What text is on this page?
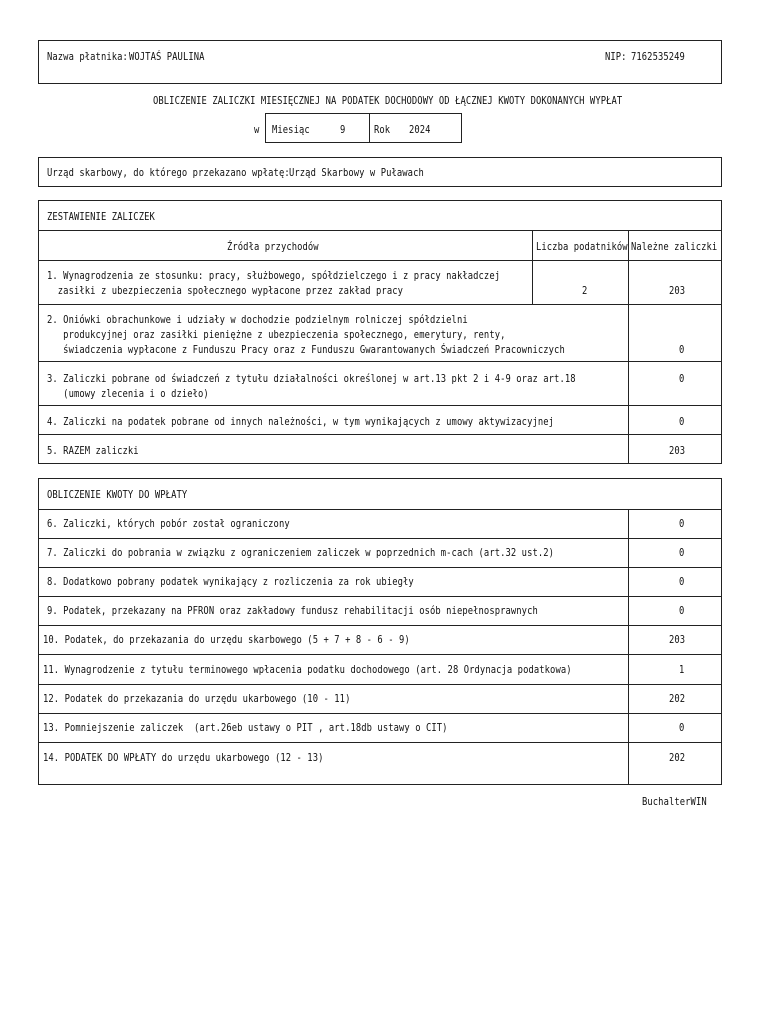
Nazwa płatnika: WOJTAŚ PAULINA	NIP: 7162535249
OBLICZENIE ZALICZKI MIESIĘCZNEJ NA PODATEK DOCHODOWY OD ŁĄCZNEJ KWOTY DOKONANYCH WYPŁAT
w Miesiąc	9	Rok 2024
Urząd skarbowy, do którego przekazano wpłatę: Urząd Skarbowy w Puławach
ZESTAWIENIE ZALICZEK
Źródła przychodów	Liczba podatników Należne zaliczki
1. Wynagrodzenia ze stosunku: pracy, służbowego, spółdzielczego i z pracy nakładczej
zasiłki z ubezpieczenia społecznego wypłacone przez zakład pracy	2	203
2. Oniówki obrachunkowe i udziały w dochodzie podzielnym rolniczej spółdzielni
produkcyjnej oraz zasiłki pieniężne z ubezpieczenia społecznego, emerytury, renty,
świadczenia wypłacone z Funduszu Pracy oraz z Funduszu Gwarantowanych Świadczeń Pracowniczych	0
3. Zaliczki pobrane od świadczeń z tytułu działalności określonej w art.13 pkt 2 i 4-9 oraz art.18
(umowy zlecenia i o dzieło)
0
4. Zaliczki na podatek pobrane od innych należności, w tym wynikających z umowy aktywizacyjnej	0
5. RAZEM zaliczki	203
OBLICZENIE KWOTY DO WPŁATY
6. Zaliczki, których pobór został ograniczony	0
7. Zaliczki do pobrania w związku z ograniczeniem zaliczek w poprzednich m-cach (art.32 ust.2)	0
8. Dodatkowo pobrany podatek wynikający z rozliczenia za rok ubiegły	0
9. Podatek, przekazany na PFRON oraz zakładowy fundusz rehabilitacji osób niepełnosprawnych	0
10. Podatek, do przekazania do urzędu skarbowego (5 + 7 + 8 - 6 - 9)	203
11. Wynagrodzenie z tytułu terminowego wpłacenia podatku dochodowego (art. 28 Ordynacja podatkowa)	1
12. Podatek do przekazania do urzędu ukarbowego (10 - 11)	202
13. Pomniejszenie zaliczek  (art.26eb ustawy o PIT , art.18db ustawy o CIT)	0
14. PODATEK DO WPŁATY do urzędu ukarbowego (12 - 13)	202
BuchalterWIN
